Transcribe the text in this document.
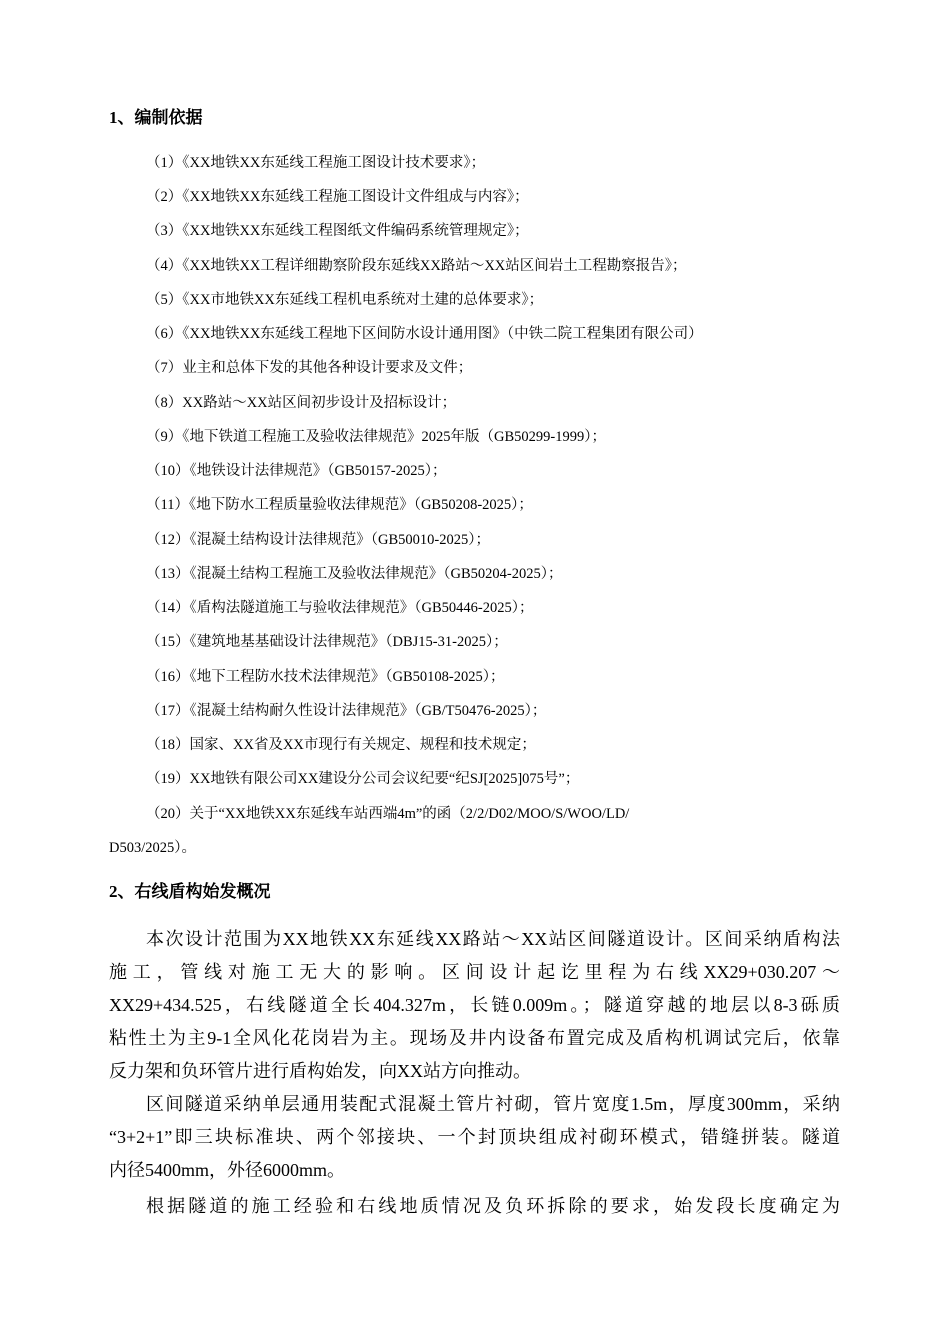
1、编制依据
（1）《XX地铁XX东延线工程施工图设计技术要求》；
（2）《XX地铁XX东延线工程施工图设计文件组成与内容》；
（3）《XX地铁XX东延线工程图纸文件编码系统管理规定》；
（4）《XX地铁XX工程详细勘察阶段东延线XX路站～XX站区间岩土工程勘察报告》；
（5）《XX市地铁XX东延线工程机电系统对土建的总体要求》；
（6）《XX地铁XX东延线工程地下区间防水设计通用图》（中铁二院工程集团有限公司）
（7）业主和总体下发的其他各种设计要求及文件；
（8）XX路站～XX站区间初步设计及招标设计；
（9）《地下铁道工程施工及验收法律规范》2025年版（GB50299-1999）；
（10）《地铁设计法律规范》（GB50157-2025）；
（11）《地下防水工程质量验收法律规范》（GB50208-2025）；
（12）《混凝土结构设计法律规范》（GB50010-2025）；
（13）《混凝土结构工程施工及验收法律规范》（GB50204-2025）；
（14）《盾构法隧道施工与验收法律规范》（GB50446-2025）；
（15）《建筑地基基础设计法律规范》（DBJ15-31-2025）；
（16）《地下工程防水技术法律规范》（GB50108-2025）；
（17）《混凝土结构耐久性设计法律规范》（GB/T50476-2025）；
（18）国家、XX省及XX市现行有关规定、规程和技术规定；
（19）XX地铁有限公司XX建设分公司会议纪要“纪SJ[2025]075号”；
（20）关于“XX地铁XX东延线车站西端4m”的函（2/2/D02/MOO/S/WOO/LD/
D503/2025）。
2、右线盾构始发概况
本次设计范围为XX地铁XX东延线XX路站～XX站区间隧道设计。区间采纳盾构法
施工，管线对施工无大的影响。区间设计起讫里程为右线XX29+030.207～
XX29+434.525，右线隧道全长404.327m，长链0.009m。；隧道穿越的地层以8-3砾质
粘性土为主9-1全风化花岗岩为主。现场及井内设备布置完成及盾构机调试完后，依靠
反力架和负环管片进行盾构始发，向XX站方向推动。
区间隧道采纳单层通用装配式混凝土管片衬砌，管片宽度1.5m，厚度300mm，采纳
“3+2+1”即三块标准块、两个邻接块、一个封顶块组成衬砌环模式，错缝拼装。隧道
内径5400mm，外径6000mm。
根据隧道的施工经验和右线地质情况及负环拆除的要求，始发段长度确定为
